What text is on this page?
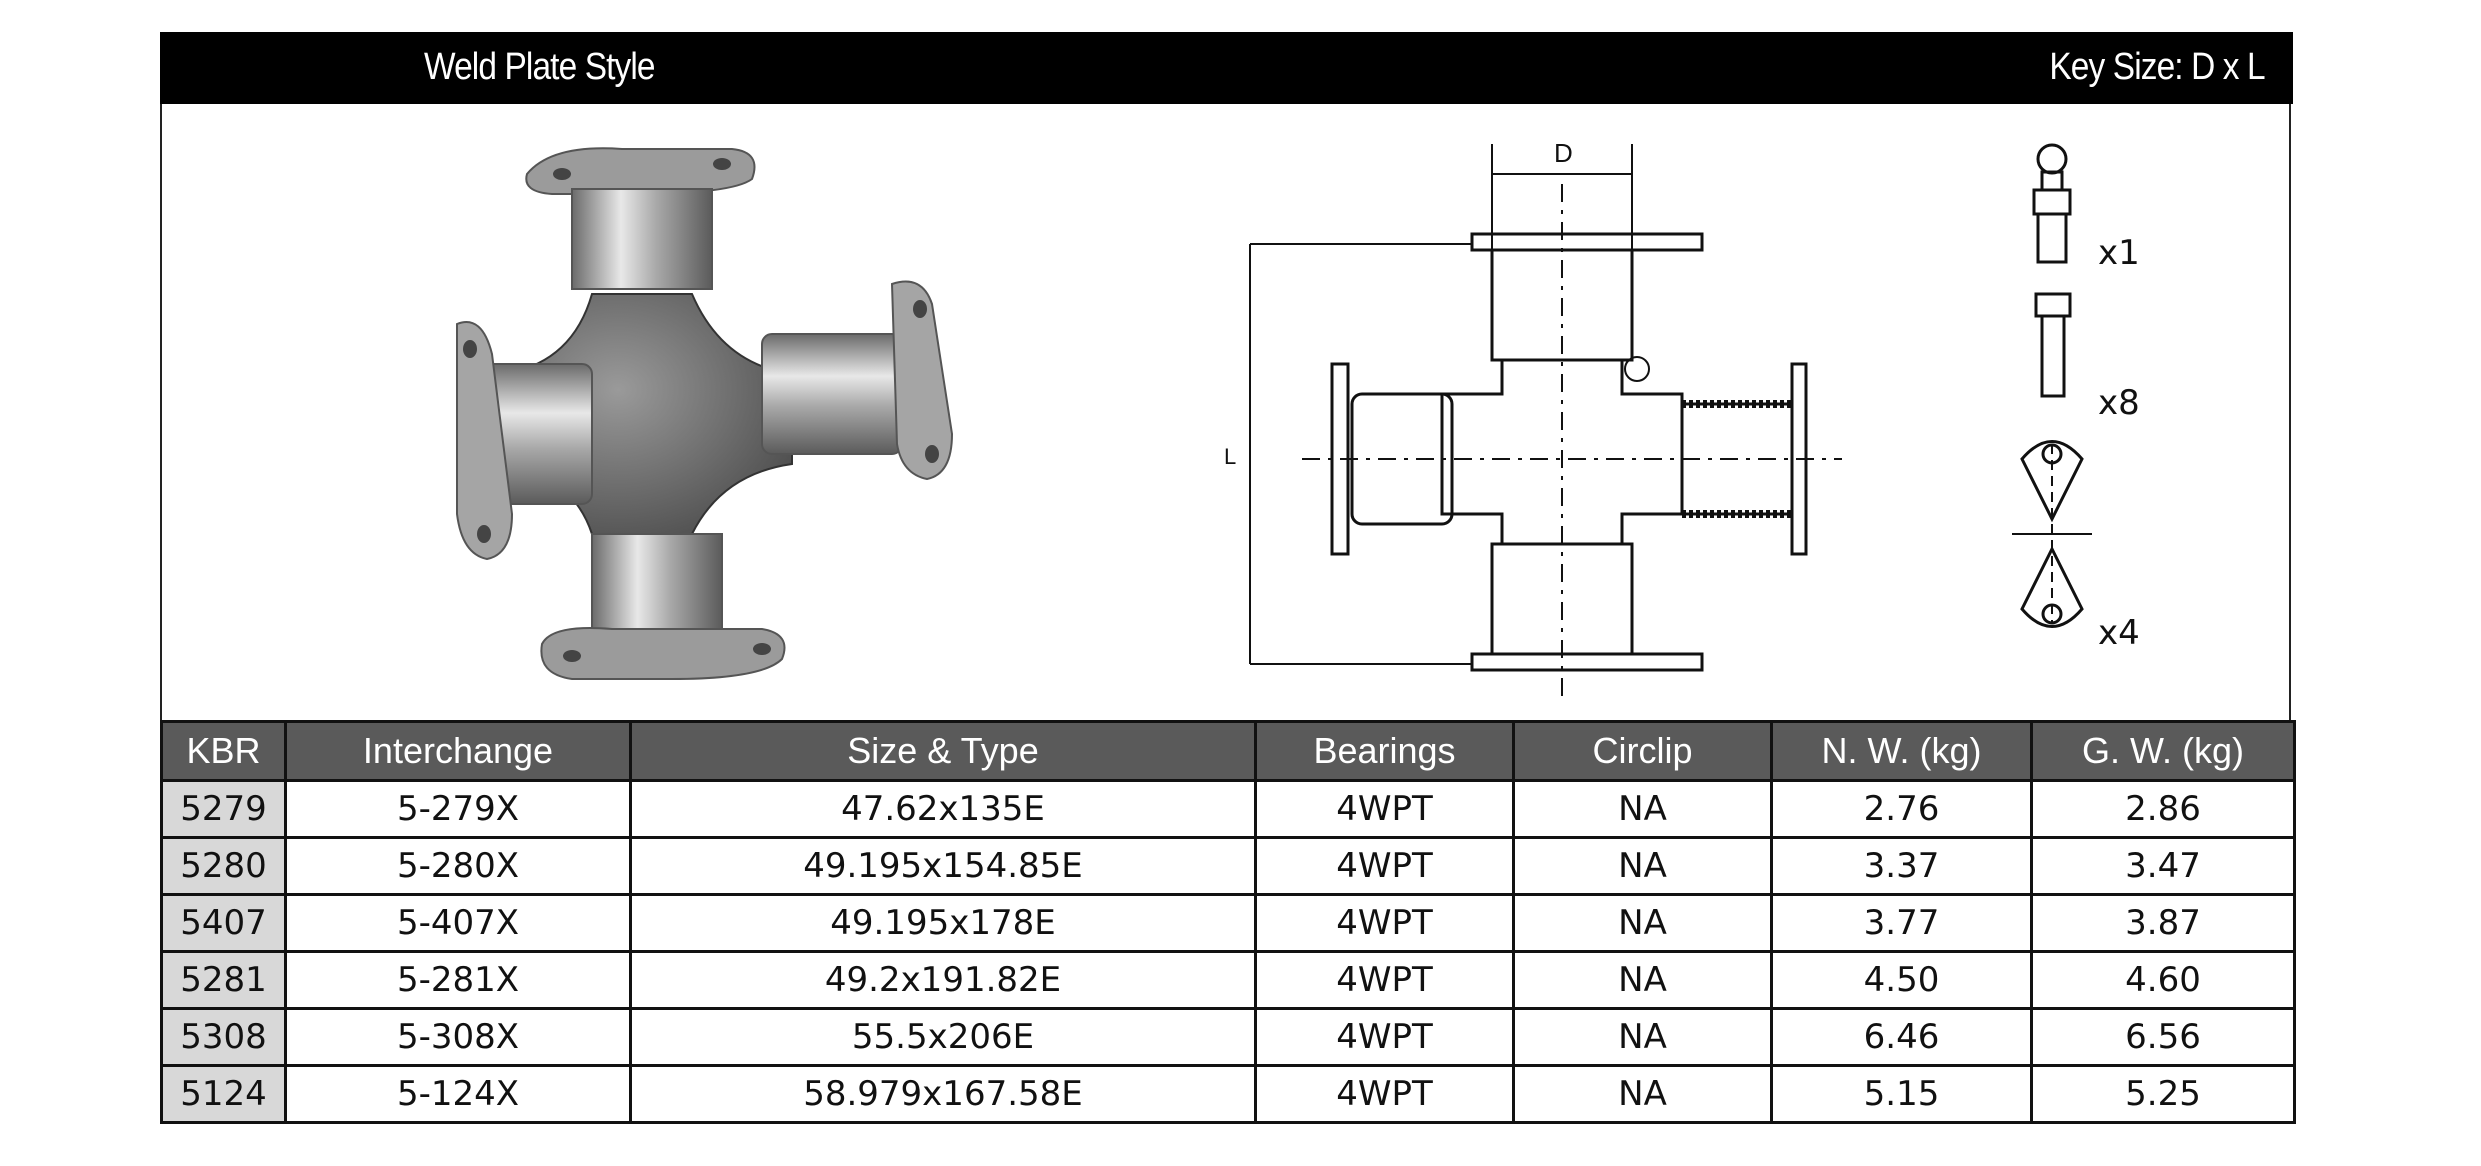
Weld Plate Style	Key Size: D x L
D
L
x1
x8
x4
KBR	Interchange	Size & Type	Bearings	Circlip	N. W. (kg)	G. W. (kg)
5279	5-279X	47.62x135E	4WPT	NA	2.76	2.86
5280	5-280X	49.195x154.85E	4WPT	NA	3.37	3.47
5407	5-407X	49.195x178E	4WPT	NA	3.77	3.87
5281	5-281X	49.2x191.82E	4WPT	NA	4.50	4.60
5308	5-308X	55.5x206E	4WPT	NA	6.46	6.56
5124	5-124X	58.979x167.58E	4WPT	NA	5.15	5.25
